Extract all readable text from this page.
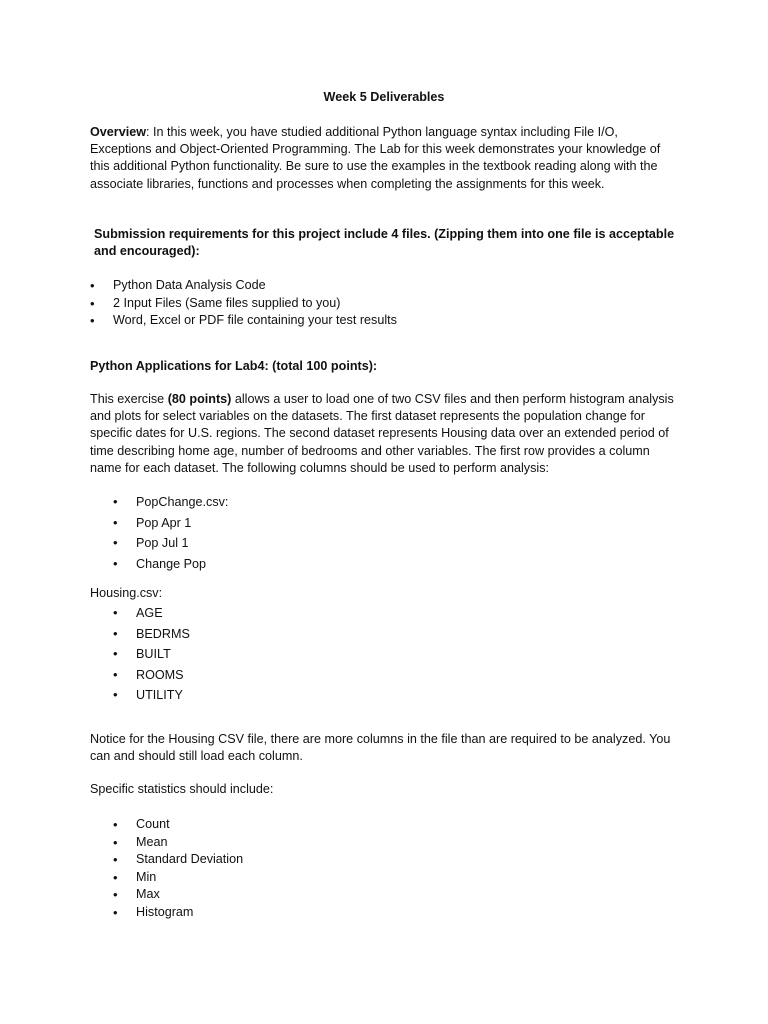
Week 5 Deliverables
Overview: In this week, you have studied additional Python language syntax including File I/O, Exceptions and Object-Oriented Programming. The Lab for this week demonstrates your knowledge of this additional Python functionality. Be sure to use the examples in the textbook reading along with the associate libraries, functions and processes when completing the assignments for this week.
Submission requirements for this project include 4 files. (Zipping them into one file is acceptable and encouraged):
• Python Data Analysis Code
• 2 Input Files (Same files supplied to you)
• Word, Excel or PDF file containing your test results
Python Applications for Lab4: (total 100 points):
This exercise (80 points) allows a user to load one of two CSV files and then perform histogram analysis and plots for select variables on the datasets. The first dataset represents the population change for specific dates for U.S. regions. The second dataset represents Housing data over an extended period of time describing home age, number of bedrooms and other variables. The first row provides a column name for each dataset. The following columns should be used to perform analysis:
• PopChange.csv:
• Pop Apr 1
• Pop Jul 1
• Change Pop
Housing.csv:
• AGE
• BEDRMS
• BUILT
• ROOMS
• UTILITY
Notice for the Housing CSV file, there are more columns in the file than are required to be analyzed. You can and should still load each column.
Specific statistics should include:
• Count
• Mean
• Standard Deviation
• Min
• Max
• Histogram
